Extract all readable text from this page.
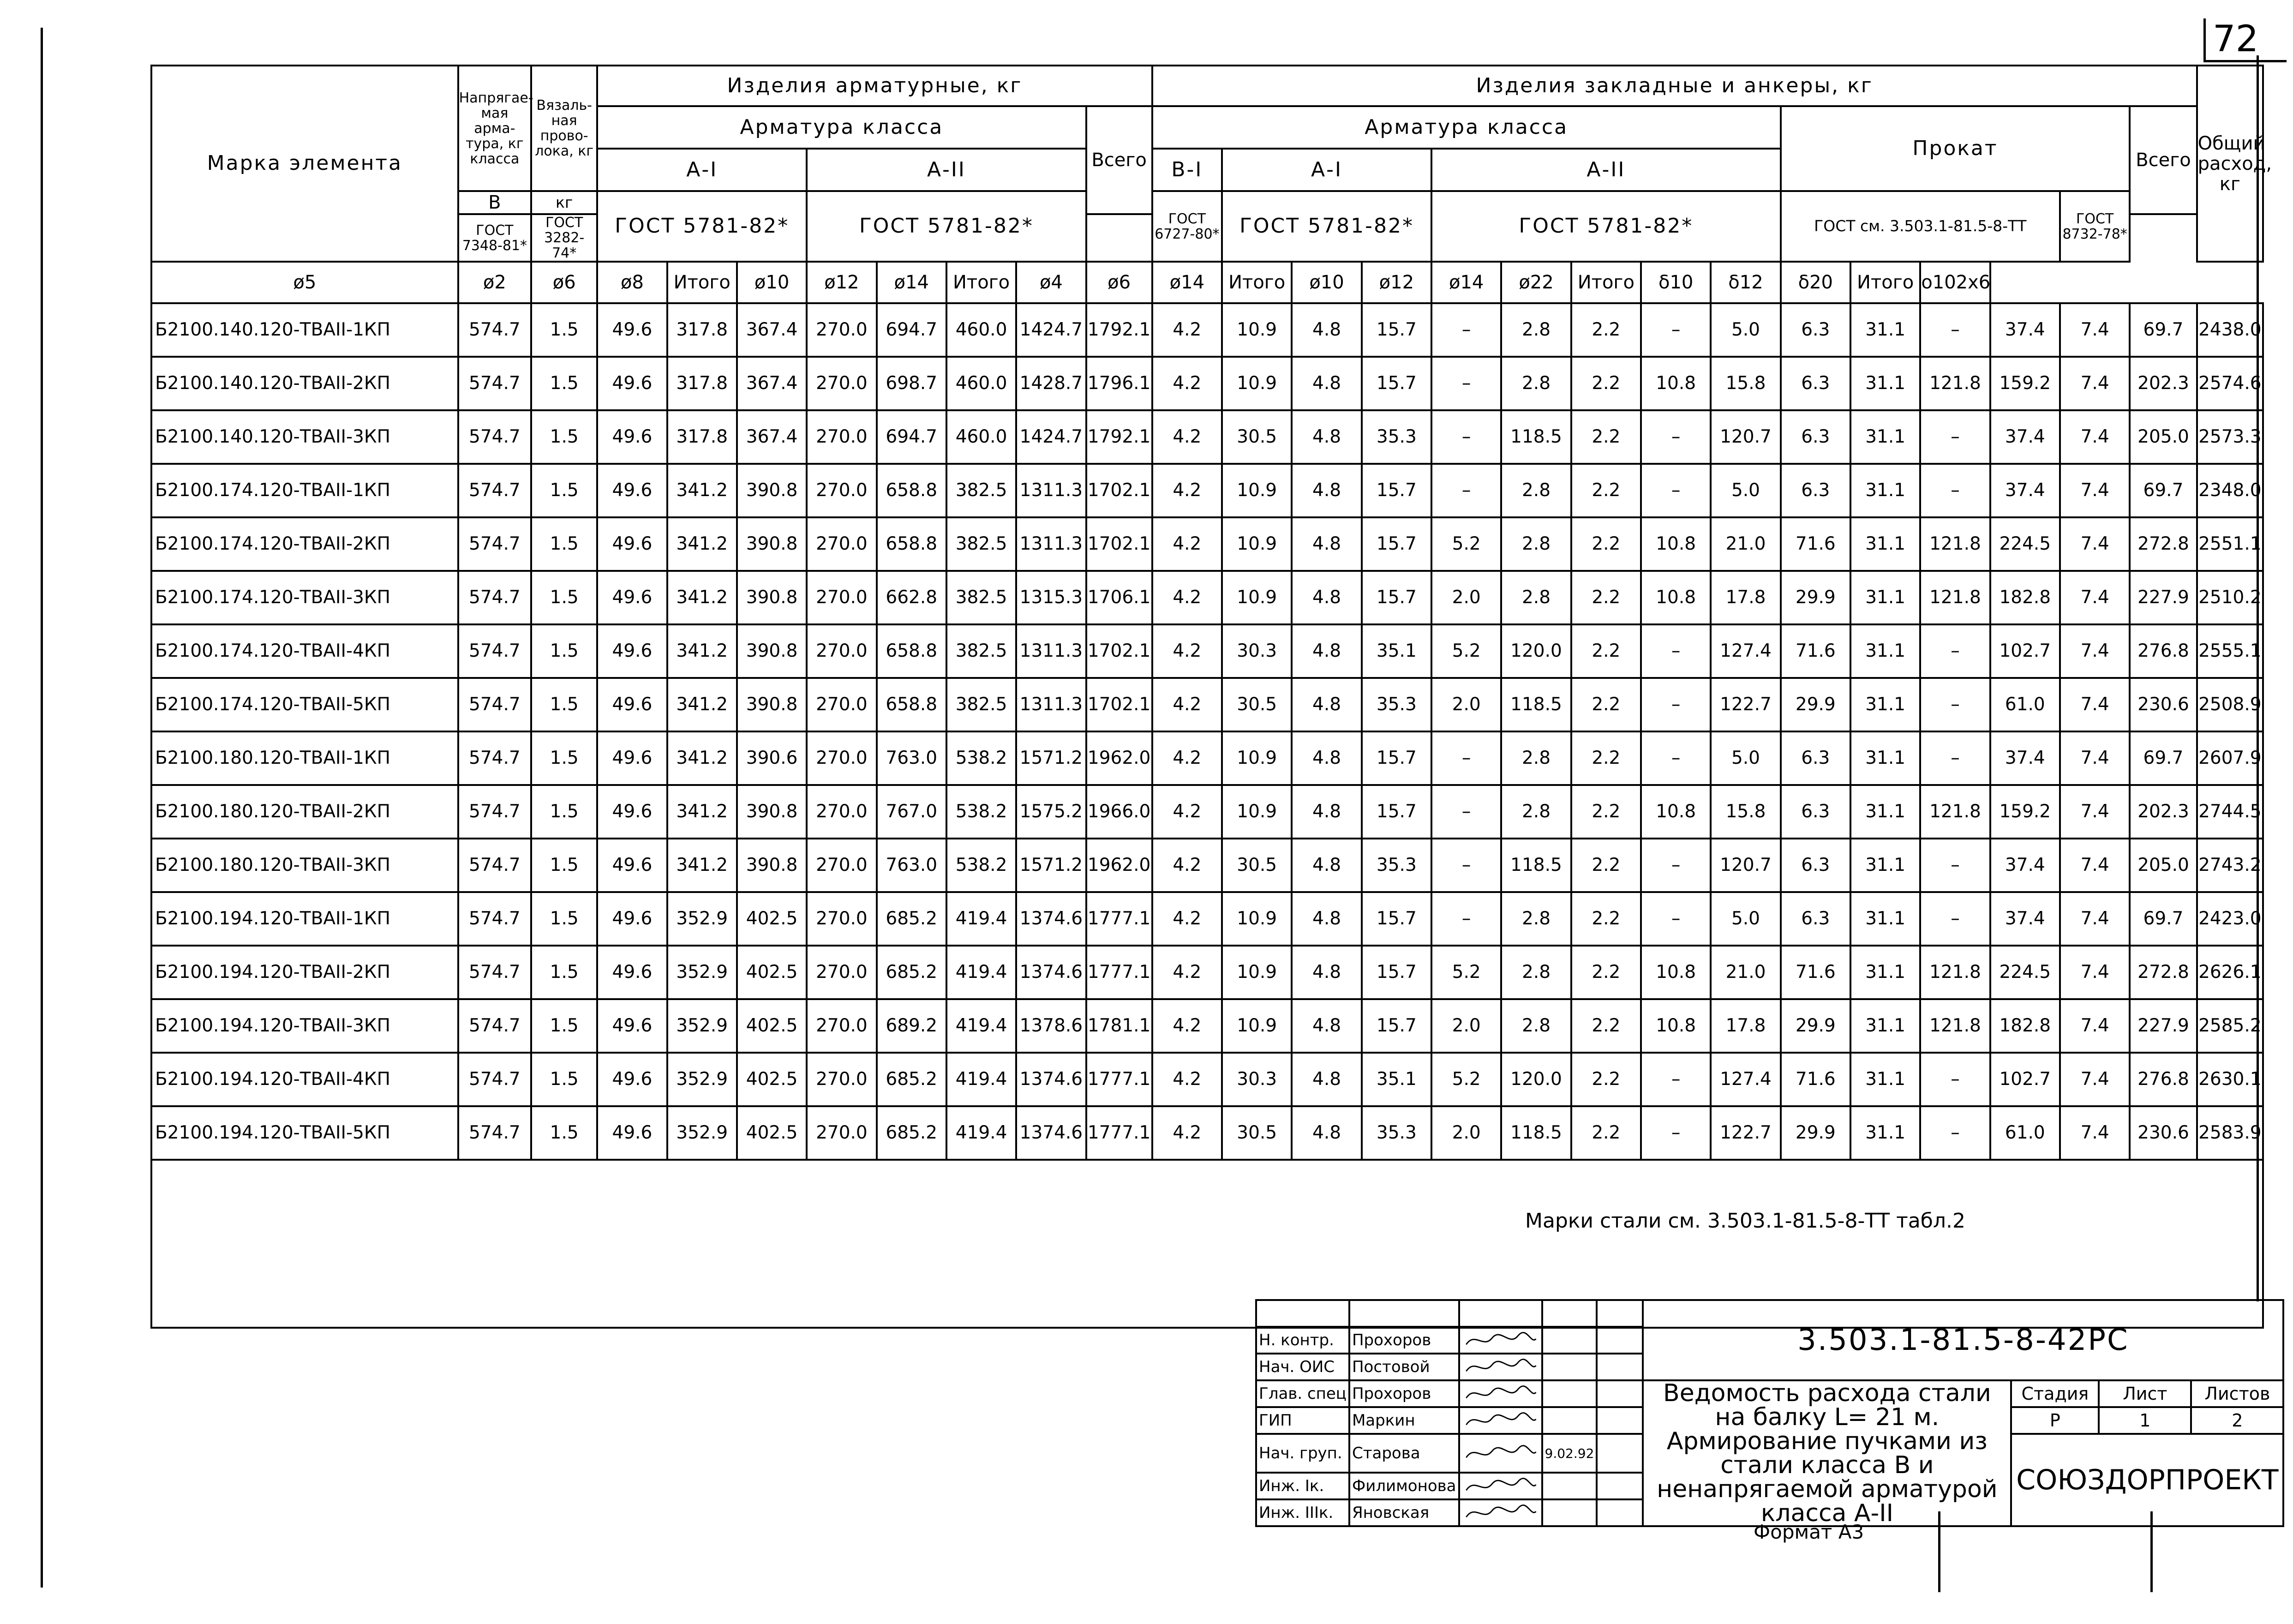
72
Марка элемента	Напрягае-мая арма-тура, кг класса	Вязаль-ная прово-лока, кг	Изделия арматурные, кг								Изделия закладные и анкеры, кг															Общий расход, кг
			Арматура класса							Всего	Арматура класса									Прокат					Всего	
			А-I			А-II					В-I	А-I			А-II											
	В	кг	ГОСТ 5781-82*			ГОСТ 5781-82*					ГОСТ 6727-80*	ГОСТ 5781-82*			ГОСТ 5781-82*					ГОСТ см. 3.503.1-81.5-8-ТТ				ГОСТ 8732-78*		
	ГОСТ 7348-81*	ГОСТ 3282-74*																								
ø5	ø2	ø6	ø8	Итого	ø10	ø12	ø14	Итого	ø4	ø6	ø14	Итого	ø10	ø12	ø14	ø22	Итого	δ10	δ12	δ20	Итого	o102x6				
Б2100.140.120-ТВАII-1КП	574.7	1.5	49.6	317.8	367.4	270.0	694.7	460.0	1424.7	1792.1	4.2	10.9	4.8	15.7	–	2.8	2.2	–	5.0	6.3	31.1	–	37.4	7.4	69.7	2438.0
Б2100.140.120-ТВАII-2КП	574.7	1.5	49.6	317.8	367.4	270.0	698.7	460.0	1428.7	1796.1	4.2	10.9	4.8	15.7	–	2.8	2.2	10.8	15.8	6.3	31.1	121.8	159.2	7.4	202.3	2574.6
Б2100.140.120-ТВАII-3КП	574.7	1.5	49.6	317.8	367.4	270.0	694.7	460.0	1424.7	1792.1	4.2	30.5	4.8	35.3	–	118.5	2.2	–	120.7	6.3	31.1	–	37.4	7.4	205.0	2573.3
Б2100.174.120-ТВАII-1КП	574.7	1.5	49.6	341.2	390.8	270.0	658.8	382.5	1311.3	1702.1	4.2	10.9	4.8	15.7	–	2.8	2.2	–	5.0	6.3	31.1	–	37.4	7.4	69.7	2348.0
Б2100.174.120-ТВАII-2КП	574.7	1.5	49.6	341.2	390.8	270.0	658.8	382.5	1311.3	1702.1	4.2	10.9	4.8	15.7	5.2	2.8	2.2	10.8	21.0	71.6	31.1	121.8	224.5	7.4	272.8	2551.1
Б2100.174.120-ТВАII-3КП	574.7	1.5	49.6	341.2	390.8	270.0	662.8	382.5	1315.3	1706.1	4.2	10.9	4.8	15.7	2.0	2.8	2.2	10.8	17.8	29.9	31.1	121.8	182.8	7.4	227.9	2510.2
Б2100.174.120-ТВАII-4КП	574.7	1.5	49.6	341.2	390.8	270.0	658.8	382.5	1311.3	1702.1	4.2	30.3	4.8	35.1	5.2	120.0	2.2	–	127.4	71.6	31.1	–	102.7	7.4	276.8	2555.1
Б2100.174.120-ТВАII-5КП	574.7	1.5	49.6	341.2	390.8	270.0	658.8	382.5	1311.3	1702.1	4.2	30.5	4.8	35.3	2.0	118.5	2.2	–	122.7	29.9	31.1	–	61.0	7.4	230.6	2508.9
Б2100.180.120-ТВАII-1КП	574.7	1.5	49.6	341.2	390.6	270.0	763.0	538.2	1571.2	1962.0	4.2	10.9	4.8	15.7	–	2.8	2.2	–	5.0	6.3	31.1	–	37.4	7.4	69.7	2607.9
Б2100.180.120-ТВАII-2КП	574.7	1.5	49.6	341.2	390.8	270.0	767.0	538.2	1575.2	1966.0	4.2	10.9	4.8	15.7	–	2.8	2.2	10.8	15.8	6.3	31.1	121.8	159.2	7.4	202.3	2744.5
Б2100.180.120-ТВАII-3КП	574.7	1.5	49.6	341.2	390.8	270.0	763.0	538.2	1571.2	1962.0	4.2	30.5	4.8	35.3	–	118.5	2.2	–	120.7	6.3	31.1	–	37.4	7.4	205.0	2743.2
Б2100.194.120-ТВАII-1КП	574.7	1.5	49.6	352.9	402.5	270.0	685.2	419.4	1374.6	1777.1	4.2	10.9	4.8	15.7	–	2.8	2.2	–	5.0	6.3	31.1	–	37.4	7.4	69.7	2423.0
Б2100.194.120-ТВАII-2КП	574.7	1.5	49.6	352.9	402.5	270.0	685.2	419.4	1374.6	1777.1	4.2	10.9	4.8	15.7	5.2	2.8	2.2	10.8	21.0	71.6	31.1	121.8	224.5	7.4	272.8	2626.1
Б2100.194.120-ТВАII-3КП	574.7	1.5	49.6	352.9	402.5	270.0	689.2	419.4	1378.6	1781.1	4.2	10.9	4.8	15.7	2.0	2.8	2.2	10.8	17.8	29.9	31.1	121.8	182.8	7.4	227.9	2585.2
Б2100.194.120-ТВАII-4КП	574.7	1.5	49.6	352.9	402.5	270.0	685.2	419.4	1374.6	1777.1	4.2	30.3	4.8	35.1	5.2	120.0	2.2	–	127.4	71.6	31.1	–	102.7	7.4	276.8	2630.1
Б2100.194.120-ТВАII-5КП	574.7	1.5	49.6	352.9	402.5	270.0	685.2	419.4	1374.6	1777.1	4.2	30.5	4.8	35.3	2.0	118.5	2.2	–	122.7	29.9	31.1	–	61.0	7.4	230.6	2583.9

Марки стали см. 3.503.1-81.5-8-ТТ табл.2
					3.503.1-81.5-8-42РС			
Н. контр.	Прохоров	

Нач. ОИС	Постовой	

Глав. спец	Прохоров				Ведомость расхода стали на балку L= 21 м. Армирование пучками из стали класса В и ненапрягаемой арматурой класса А-II	Стадия	Лист	Листов
ГИП	Маркин					Р	1	2
Нач. груп.	Старова		9.02.92			СОЮЗДОРПРОЕКТ		
Инж. Iк.	Филимонова	

Инж. IIIк.	Яновская	

Формат А3
